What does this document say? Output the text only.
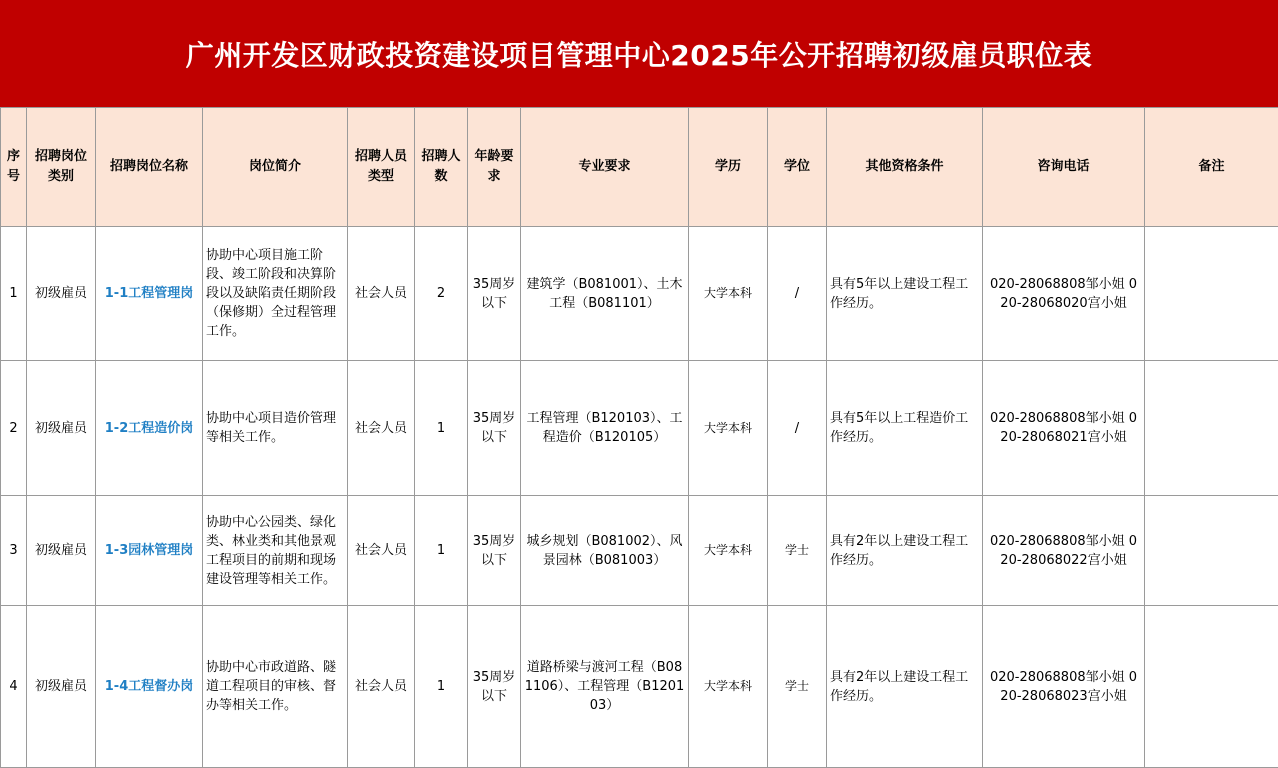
广州开发区财政投资建设项目管理中心2025年公开招聘初级雇员职位表
序号	招聘岗位类别	招聘岗位名称	岗位简介	招聘人员类型	招聘人数	年龄要求	专业要求	学历	学位	其他资格条件	咨询电话	备注
1	初级雇员	1-1工程管理岗	协助中心项目施工阶段、竣工阶段和决算阶段以及缺陷责任期阶段（保修期）全过程管理工作。	社会人员	2	35周岁以下	建筑学（B081001）、土木工程（B081101）	大学本科	/	具有5年以上建设工程工作经历。	020-28068808邹小姐 020-28068020宫小姐	
2	初级雇员	1-2工程造价岗	协助中心项目造价管理等相关工作。	社会人员	1	35周岁以下	工程管理（B120103）、工程造价（B120105）	大学本科	/	具有5年以上工程造价工作经历。	020-28068808邹小姐 020-28068021宫小姐	
3	初级雇员	1-3园林管理岗	协助中心公园类、绿化类、林业类和其他景观工程项目的前期和现场建设管理等相关工作。	社会人员	1	35周岁以下	城乡规划（B081002）、风景园林（B081003）	大学本科	学士	具有2年以上建设工程工作经历。	020-28068808邹小姐 020-28068022宫小姐	
4	初级雇员	1-4工程督办岗	协助中心市政道路、隧道工程项目的审核、督办等相关工作。	社会人员	1	35周岁以下	道路桥梁与渡河工程（B081106）、工程管理（B120103）	大学本科	学士	具有2年以上建设工程工作经历。	020-28068808邹小姐 020-28068023宫小姐	
